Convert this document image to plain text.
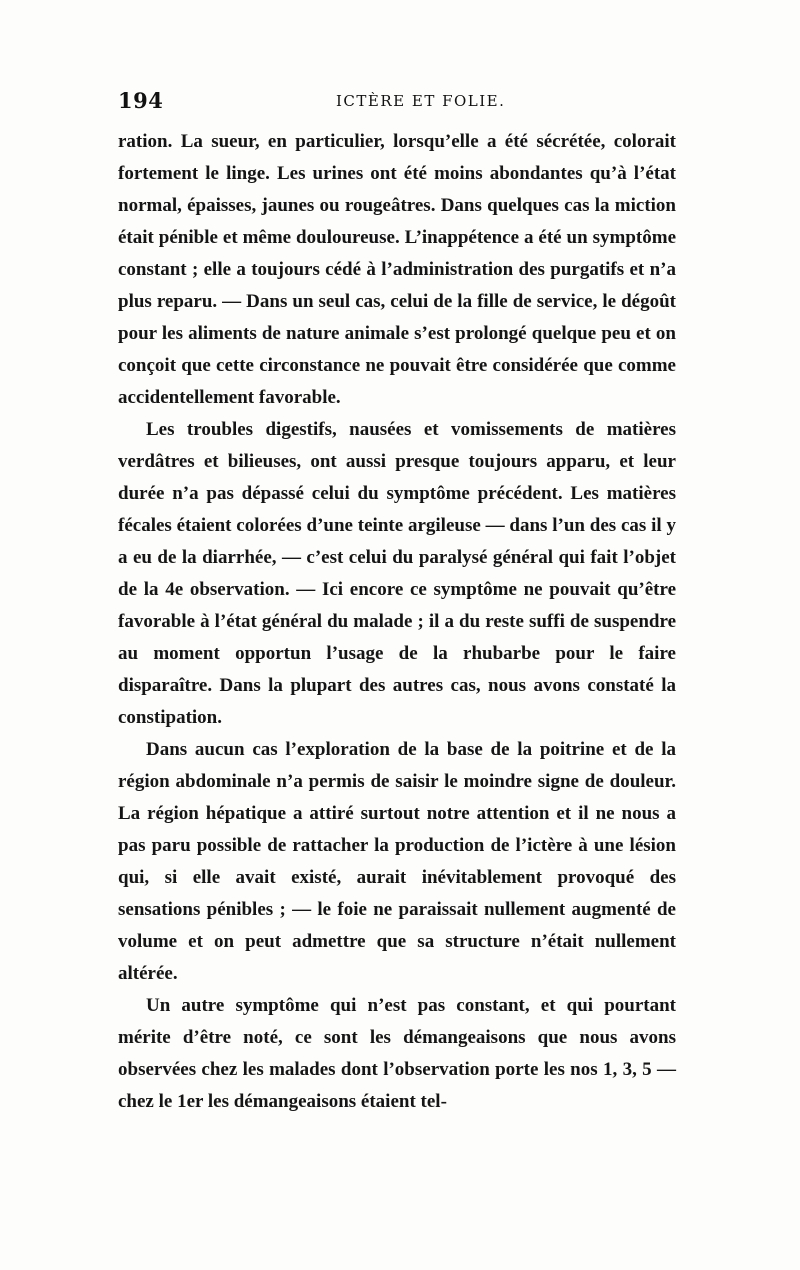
194	ICTÈRE ET FOLIE.

ration. La sueur, en particulier, lorsqu’elle a été sécrétée, colorait fortement le linge. Les urines ont été moins abondantes qu’à l’état normal, épaisses, jaunes ou rougeâtres. Dans quelques cas la miction était pénible et même douloureuse. L’inappétence a été un symptôme constant ; elle a toujours cédé à l’administration des purgatifs et n’a plus reparu. — Dans un seul cas, celui de la fille de service, le dégoût pour les aliments de nature animale s’est prolongé quelque peu et on conçoit que cette circonstance ne pouvait être considérée que comme accidentellement favorable.

Les troubles digestifs, nausées et vomissements de matières verdâtres et bilieuses, ont aussi presque toujours apparu, et leur durée n’a pas dépassé celui du symptôme précédent. Les matières fécales étaient colorées d’une teinte argileuse — dans l’un des cas il y a eu de la diarrhée, — c’est celui du paralysé général qui fait l’objet de la 4e observation. — Ici encore ce symptôme ne pouvait qu’être favorable à l’état général du malade ; il a du reste suffi de suspendre au moment opportun l’usage de la rhubarbe pour le faire disparaître. Dans la plupart des autres cas, nous avons constaté la constipation.

Dans aucun cas l’exploration de la base de la poitrine et de la région abdominale n’a permis de saisir le moindre signe de douleur. La région hépatique a attiré surtout notre attention et il ne nous a pas paru possible de rattacher la production de l’ictère à une lésion qui, si elle avait existé, aurait inévitablement provoqué des sensations pénibles ; — le foie ne paraissait nullement augmenté de volume et on peut admettre que sa structure n’était nullement altérée.

Un autre symptôme qui n’est pas constant, et qui pourtant mérite d’être noté, ce sont les démangeaisons que nous avons observées chez les malades dont l’observation porte les nos 1, 3, 5 — chez le 1er les démangeaisons étaient tel-
